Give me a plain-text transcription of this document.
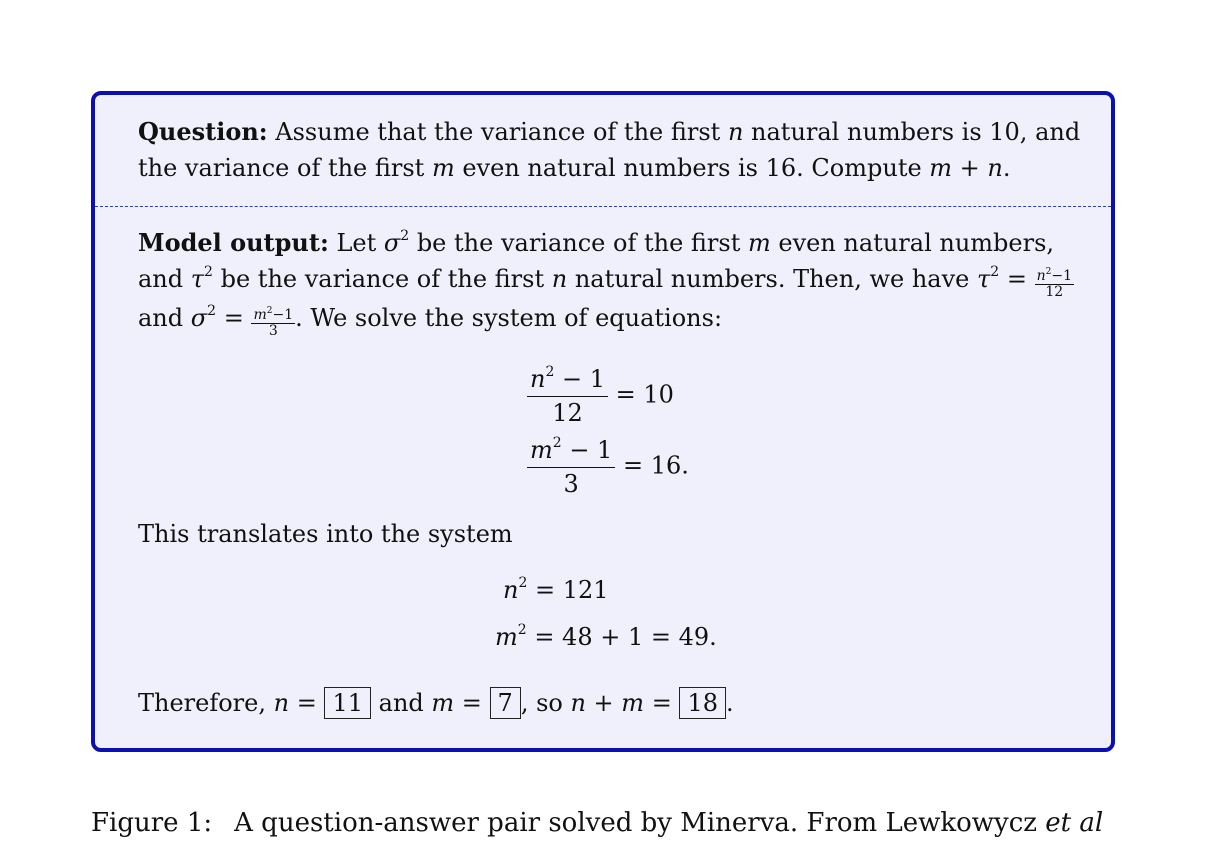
Question: Assume that the variance of the first n natural numbers is 10, and
the variance of the first m even natural numbers is 16. Compute m + n.
Model output: Let $\sigma^2$ be the variance of the first m even natural numbers,
and $\tau^2$ be the variance of the first n natural numbers. Then, we have $\tau^2 = \frac{n^2-1}{12}$
and $\sigma^2 = \frac{m^2-1}{3}$ . We solve the system of equations:
$\frac{n^2 - 1}{12} = 10$
$\frac{m^2 - 1}{3} = 16$.
This translates into the system
$n^2 = 121$
$m^2 = 48 + 1 = 49$.
Therefore, n = 11 and m = 7 , so n + m = 18 .
Figure 1: A question-answer pair solved by Minerva. From Lewkowycz et al
